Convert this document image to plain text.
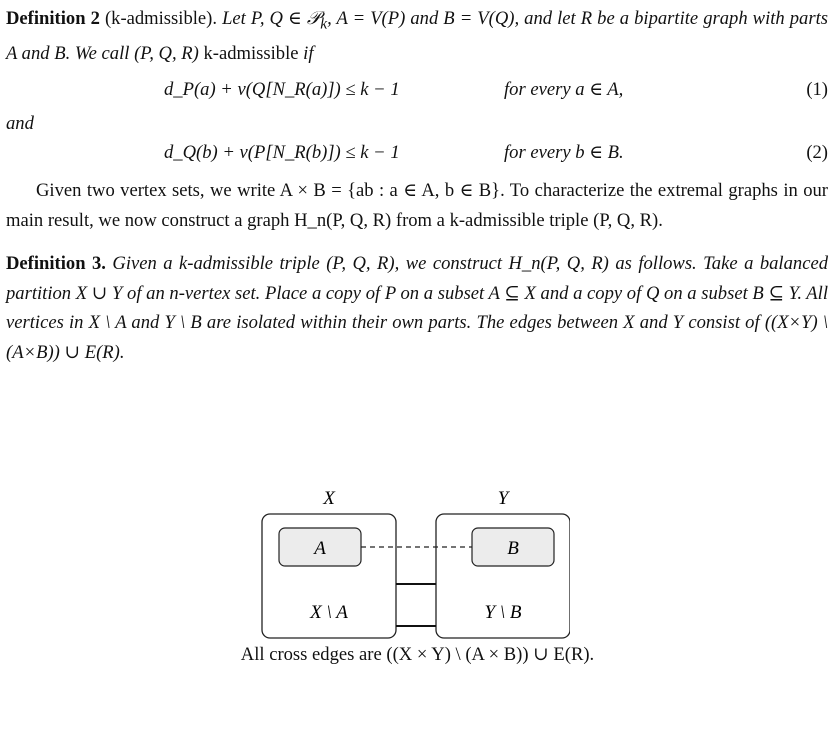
Definition 2 (k-admissible). Let P, Q ∈ 𝒫$_k$, A = V(P) and B = V(Q), and let R be a bipartite graph with parts A and B. We call (P, Q, R) k-admissible if

d_P(a) + ν(Q[N_R(a)]) ≤ k − 1	for every a ∈ A,	(1)

and

d_Q(b) + ν(P[N_R(b)]) ≤ k − 1	for every b ∈ B.	(2)

Given two vertex sets, we write A × B = {ab : a ∈ A, b ∈ B}. To characterize the extremal graphs in our main result, we now construct a graph H_n(P, Q, R) from a k-admissible triple (P, Q, R).

Definition 3. Given a k-admissible triple (P, Q, R), we construct H_n(P, Q, R) as follows. Take a balanced partition X ∪ Y of an n-vertex set. Place a copy of P on a subset A ⊆ X and a copy of Q on a subset B ⊆ Y. All vertices in X \ A and Y \ B are isolated within their own parts. The edges between X and Y consist of ((X×Y) \ (A×B)) ∪ E(R).

X	Y
A	B
X \ A	Y \ B
All cross edges are ((X × Y) \ (A × B)) ∪ E(R).
